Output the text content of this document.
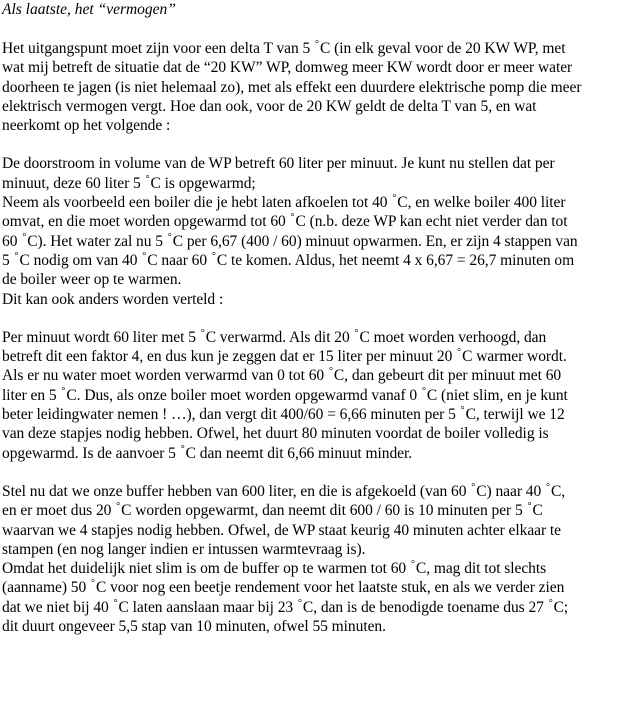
Als laatste, het “vermogen”
Het uitgangspunt moet zijn voor een delta T van 5 °C (in elk geval voor de 20 KW WP, met
wat mij betreft de situatie dat de “20 KW” WP, domweg meer KW wordt door er meer water
doorheen te jagen (is niet helemaal zo), met als effekt een duurdere elektrische pomp die meer
elektrisch vermogen vergt. Hoe dan ook, voor de 20 KW geldt de delta T van 5, en wat
neerkomt op het volgende :
De doorstroom in volume van de WP betreft 60 liter per minuut. Je kunt nu stellen dat per
minuut, deze 60 liter 5 °C is opgewarmd;
Neem als voorbeeld een boiler die je hebt laten afkoelen tot 40 °C, en welke boiler 400 liter
omvat, en die moet worden opgewarmd tot 60 °C (n.b. deze WP kan echt niet verder dan tot
60 °C). Het water zal nu 5 °C per 6,67 (400 / 60) minuut opwarmen. En, er zijn 4 stappen van
5 °C nodig om van 40 °C naar 60 °C te komen. Aldus, het neemt 4 x 6,67 = 26,7 minuten om
de boiler weer op te warmen.
Dit kan ook anders worden verteld :
Per minuut wordt 60 liter met 5 °C verwarmd. Als dit 20 °C moet worden verhoogd, dan
betreft dit een faktor 4, en dus kun je zeggen dat er 15 liter per minuut 20 °C warmer wordt.
Als er nu water moet worden verwarmd van 0 tot 60 °C, dan gebeurt dit per minuut met 60
liter en 5 °C. Dus, als onze boiler moet worden opgewarmd vanaf 0 °C (niet slim, en je kunt
beter leidingwater nemen ! …), dan vergt dit 400/60 = 6,66 minuten per 5 °C, terwijl we 12
van deze stapjes nodig hebben. Ofwel, het duurt 80 minuten voordat de boiler volledig is
opgewarmd. Is de aanvoer 5 °C dan neemt dit 6,66 minuut minder.
Stel nu dat we onze buffer hebben van 600 liter, en die is afgekoeld (van 60 °C) naar 40 °C,
en er moet dus 20 °C worden opgewarmt, dan neemt dit 600 / 60 is 10 minuten per 5 °C
waarvan we 4 stapjes nodig hebben. Ofwel, de WP staat keurig 40 minuten achter elkaar te
stampen (en nog langer indien er intussen warmtevraag is).
Omdat het duidelijk niet slim is om de buffer op te warmen tot 60 °C, mag dit tot slechts
(aanname) 50 °C voor nog een beetje rendement voor het laatste stuk, en als we verder zien
dat we niet bij 40 °C laten aanslaan maar bij 23 °C, dan is de benodigde toename dus 27 °C;
dit duurt ongeveer 5,5 stap van 10 minuten, ofwel 55 minuten.
